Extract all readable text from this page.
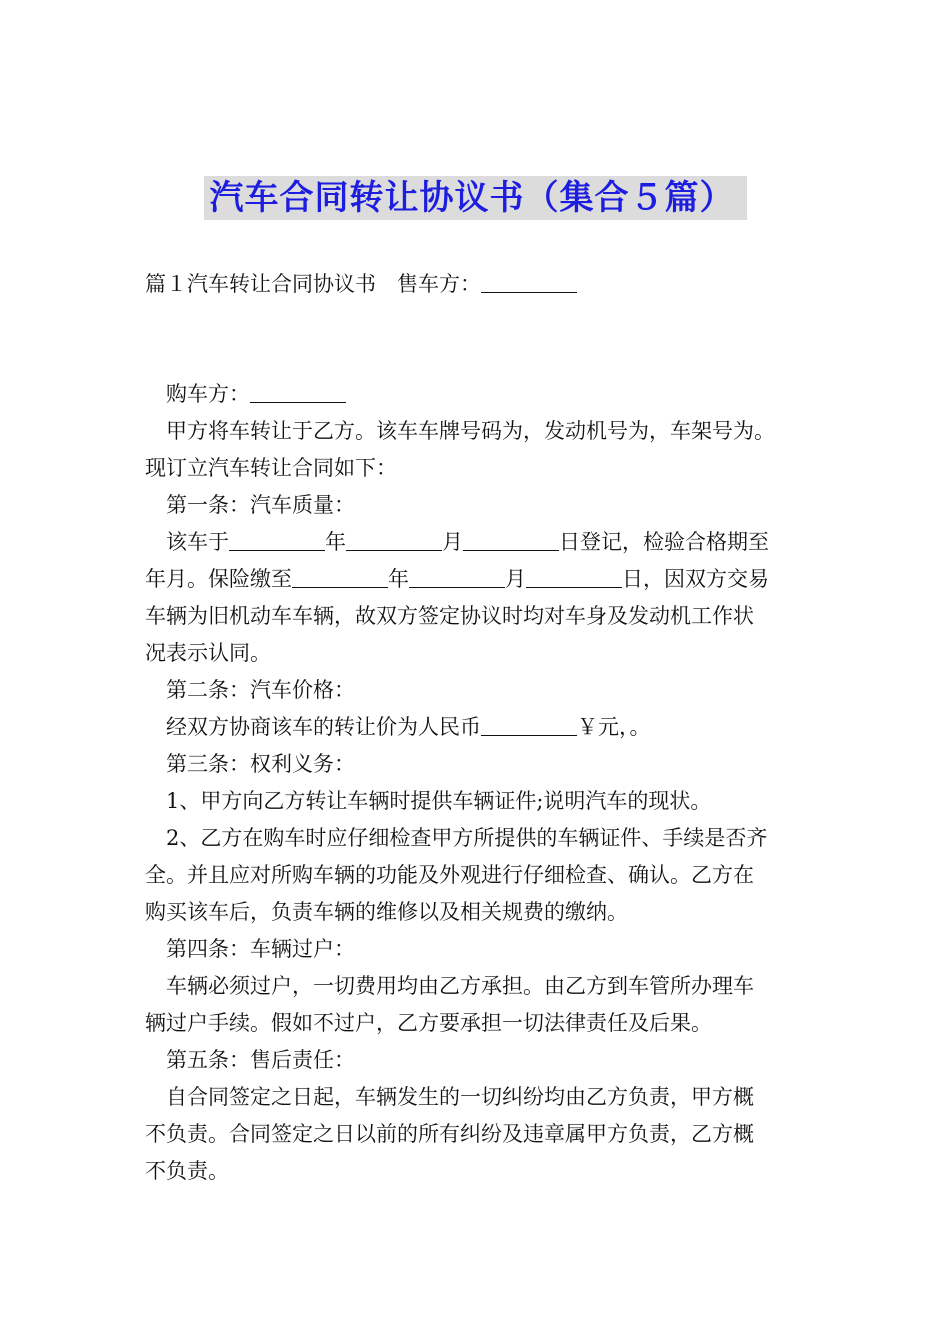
汽车合同转让协议书（集合５篇）
篇１汽车转让合同协议书　 售车方：
购车方：
甲方将车转让于乙方。该车车牌号码为，发动机号为，车架号为。
现订立汽车转让合同如下：
第一条：汽车质量：
该车于	年	月	日登记，检验合格期至
年月。保险缴至	年	月	日，因双方交易
车辆为旧机动车车辆，故双方签定协议时均对车身及发动机工作状
况表示认同。
第二条：汽车价格：
经双方协商该车的转让价为人民币	￥元，。
第三条：权利义务：
1、甲方向乙方转让车辆时提供车辆证件;说明汽车的现状。
2、乙方在购车时应仔细检查甲方所提供的车辆证件、手续是否齐
全。并且应对所购车辆的功能及外观进行仔细检查、确认。乙方在
购买该车后，负责车辆的维修以及相关规费的缴纳。
第四条：车辆过户：
车辆必须过户，一切费用均由乙方承担。由乙方到车管所办理车
辆过户手续。假如不过户，乙方要承担一切法律责任及后果。
第五条：售后责任：
自合同签定之日起，车辆发生的一切纠纷均由乙方负责，甲方概
不负责。合同签定之日以前的所有纠纷及违章属甲方负责，乙方概
不负责。
